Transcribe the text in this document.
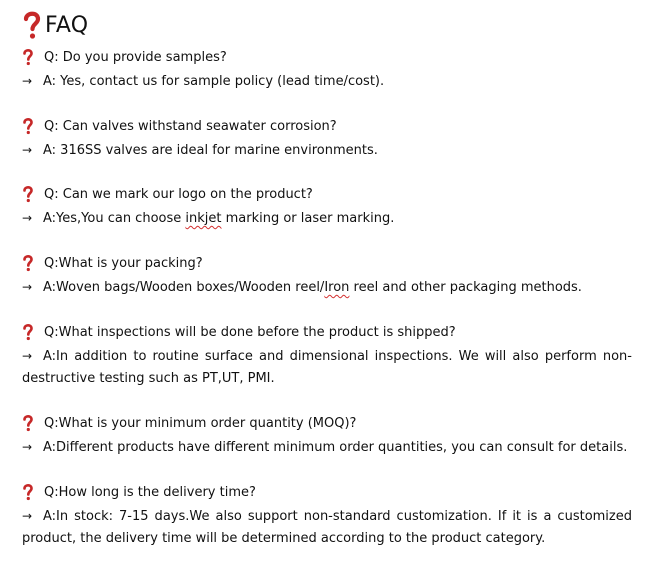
FAQ
Q: Do you provide samples?
→ A: Yes, contact us for sample policy (lead time/cost).
Q: Can valves withstand seawater corrosion?
→ A: 316SS valves are ideal for marine environments.
Q: Can we mark our logo on the product?
→ A:Yes,You can choose inkjet marking or laser marking.
Q:What is your packing?
→ A:Woven bags/Wooden boxes/Wooden reel/Iron reel and other packaging methods.
Q:What inspections will be done before the product is shipped?
→ A:In addition to routine surface and dimensional inspections. We will also perform non-destructive testing such as PT,UT, PMI.
Q:What is your minimum order quantity (MOQ)?
→ A:Different products have different minimum order quantities, you can consult for details.
Q:How long is the delivery time?
→ A:In stock: 7-15 days.We also support non-standard customization. If it is a customized product, the delivery time will be determined according to the product category.
